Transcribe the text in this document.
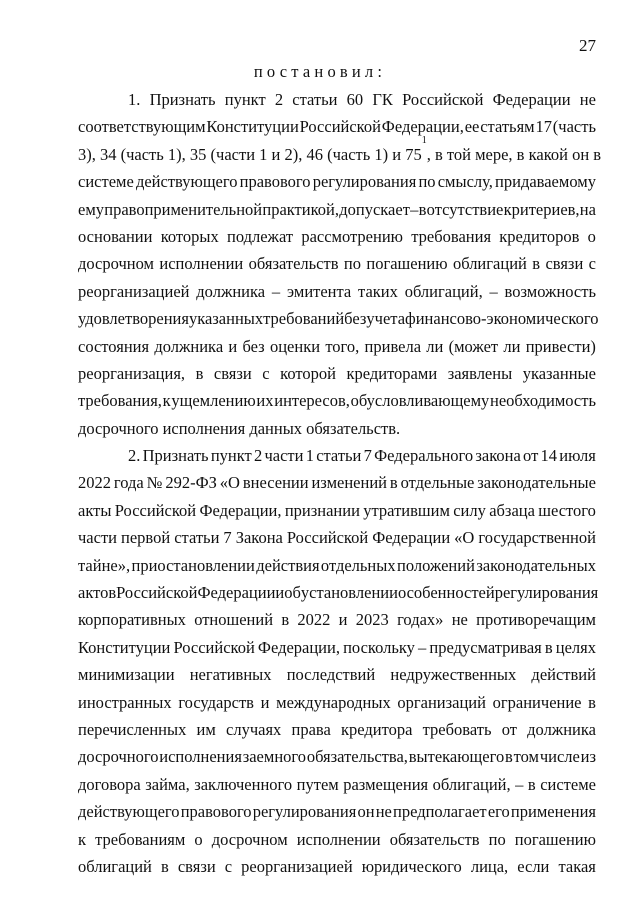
27
постановил:
1. Признать пункт 2 статьи 60 ГК Российской Федерации не
соответствующим Конституции Российской Федерации, ее статьям 17 (часть
3), 34 (часть 1), 35 (части 1 и 2), 46 (часть 1) и 75
1
, в той мере, в какой он в
системе действующего правового регулирования по смыслу, придаваемому
ему правоприменительной практикой, допускает – в отсутствие критериев, на
основании которых подлежат рассмотрению требования кредиторов о
досрочном исполнении обязательств по погашению облигаций в связи с
реорганизацией должника – эмитента таких облигаций, – возможность
удовлетворения указанных требований без учета финансово-экономического
состояния должника и без оценки того, привела ли (может ли привести)
реорганизация, в связи с которой кредиторами заявлены указанные
требования, к ущемлению их интересов, обусловливающему необходимость
досрочного исполнения данных обязательств.
2. Признать пункт 2 части 1 статьи 7 Федерального закона от 14 июля
2022 года № 292-ФЗ «О внесении изменений в отдельные законодательные
акты Российской Федерации, признании утратившим силу абзаца шестого
части первой статьи 7 Закона Российской Федерации «О государственной
тайне», приостановлении действия отдельных положений законодательных
актов Российской Федерации и об установлении особенностей регулирования
корпоративных отношений в 2022 и 2023 годах» не противоречащим
Конституции Российской Федерации, поскольку – предусматривая в целях
минимизации негативных последствий недружественных действий
иностранных государств и международных организаций ограничение в
перечисленных им случаях права кредитора требовать от должника
досрочного исполнения заемного обязательства, вытекающего в том числе из
договора займа, заключенного путем размещения облигаций, – в системе
действующего правового регулирования он не предполагает его применения
к требованиям о досрочном исполнении обязательств по погашению
облигаций в связи с реорганизацией юридического лица, если такая
